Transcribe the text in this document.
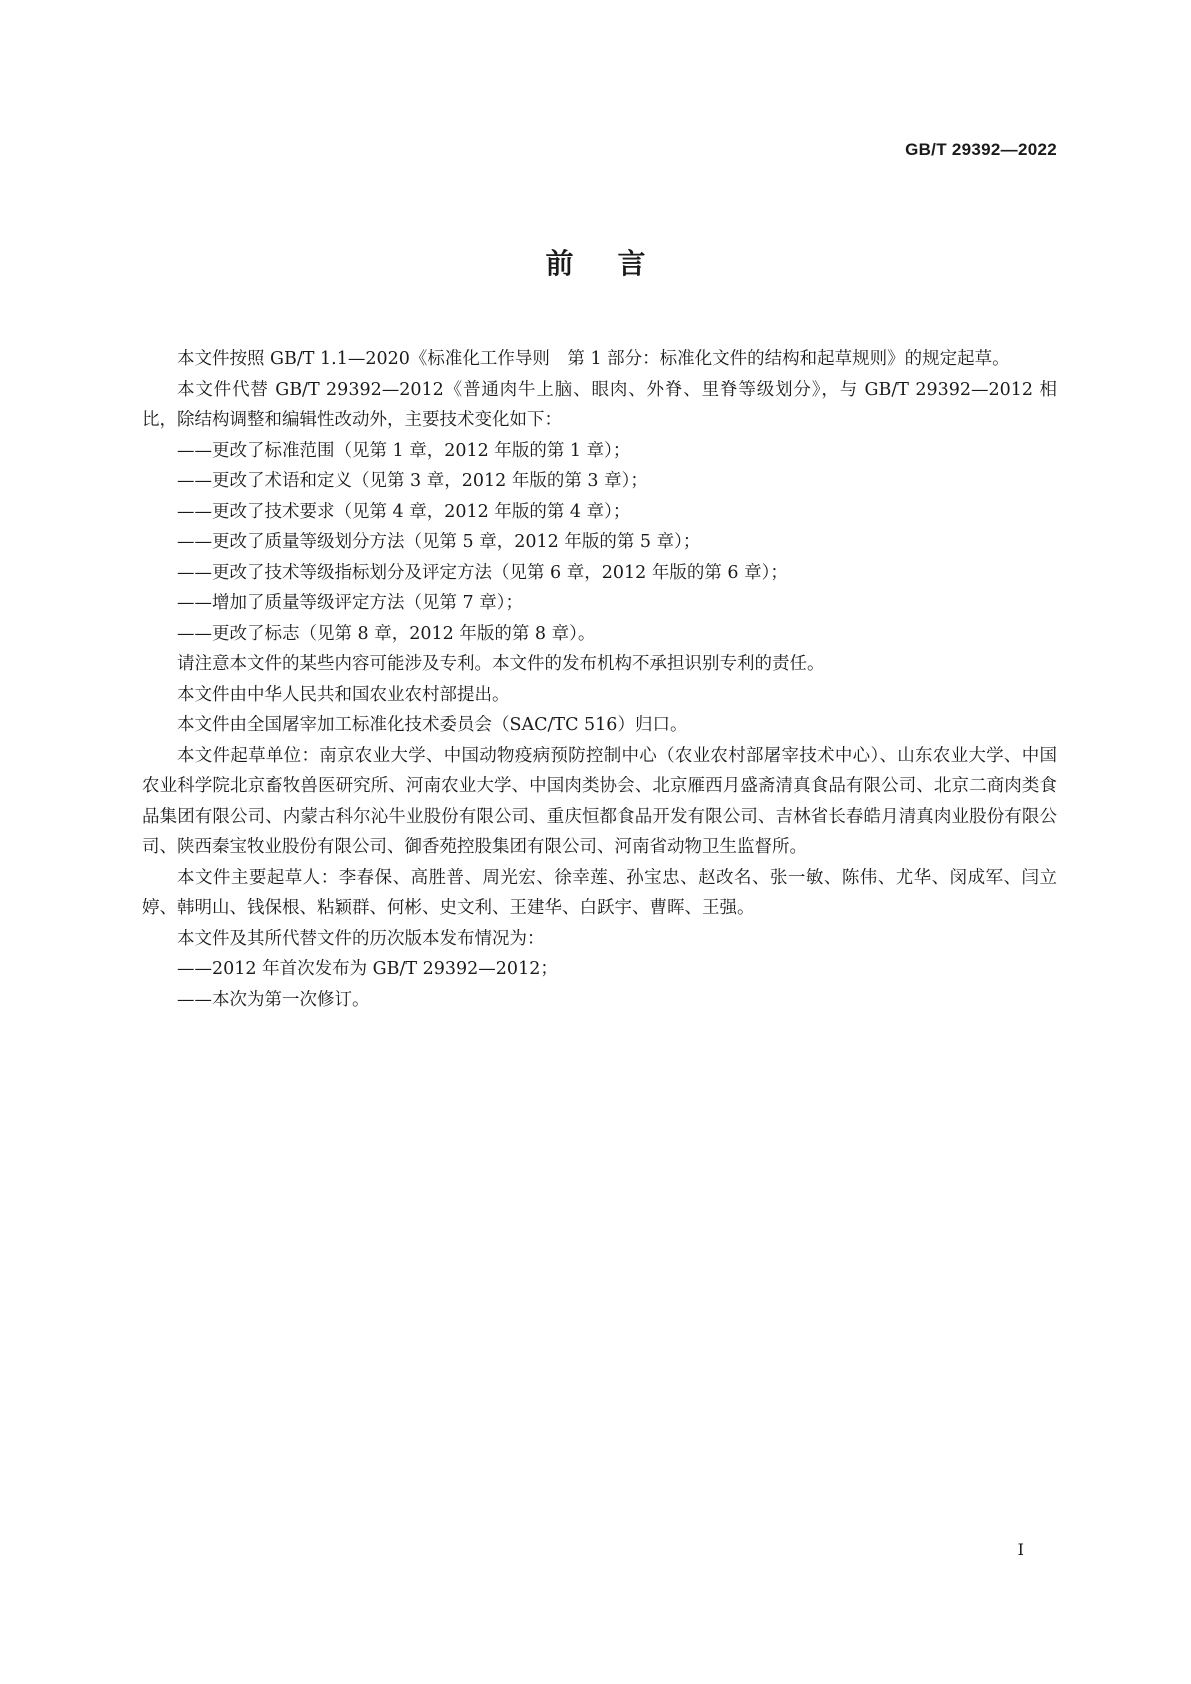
GB/T 29392—2022
前言

本文件按照 GB/T 1.1—2020《标准化工作导则　第 1 部分：标准化文件的结构和起草规则》的规定起草。

本文件代替 GB/T 29392—2012《普通肉牛上脑、眼肉、外脊、里脊等级划分》，与 GB/T 29392—2012 相比，除结构调整和编辑性改动外，主要技术变化如下：

——更改了标准范围（见第 1 章，2012 年版的第 1 章）；

——更改了术语和定义（见第 3 章，2012 年版的第 3 章）；

——更改了技术要求（见第 4 章，2012 年版的第 4 章）；

——更改了质量等级划分方法（见第 5 章，2012 年版的第 5 章）；

——更改了技术等级指标划分及评定方法（见第 6 章，2012 年版的第 6 章）；

——增加了质量等级评定方法（见第 7 章）；

——更改了标志（见第 8 章，2012 年版的第 8 章）。

请注意本文件的某些内容可能涉及专利。本文件的发布机构不承担识别专利的责任。

本文件由中华人民共和国农业农村部提出。

本文件由全国屠宰加工标准化技术委员会（SAC/TC 516）归口。

本文件起草单位：南京农业大学、中国动物疫病预防控制中心（农业农村部屠宰技术中心）、山东农业大学、中国农业科学院北京畜牧兽医研究所、河南农业大学、中国肉类协会、北京雁西月盛斋清真食品有限公司、北京二商肉类食品集团有限公司、内蒙古科尔沁牛业股份有限公司、重庆恒都食品开发有限公司、吉林省长春皓月清真肉业股份有限公司、陕西秦宝牧业股份有限公司、御香苑控股集团有限公司、河南省动物卫生监督所。

本文件主要起草人：李春保、高胜普、周光宏、徐幸莲、孙宝忠、赵改名、张一敏、陈伟、尤华、闵成军、闫立婷、韩明山、钱保根、粘颖群、何彬、史文利、王建华、白跃宇、曹晖、王强。

本文件及其所代替文件的历次版本发布情况为：

——2012 年首次发布为 GB/T 29392—2012；

——本次为第一次修订。

I
